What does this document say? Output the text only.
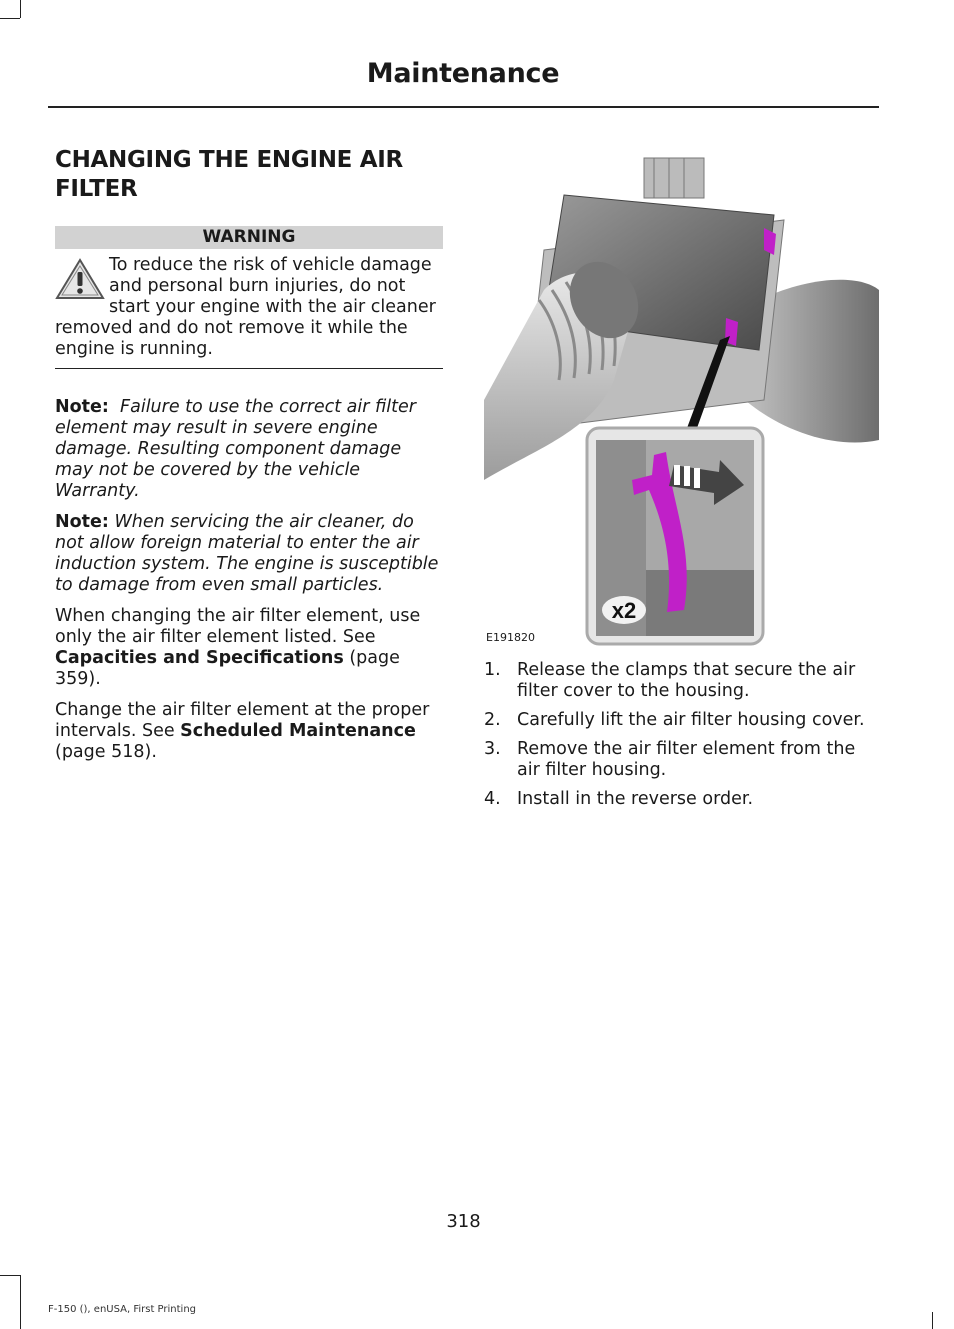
Maintenance
CHANGING THE ENGINE AIR FILTER
WARNING
To reduce the risk of vehicle damage and personal burn injuries, do not start your engine with the air cleaner removed and do not remove it while the engine is running.

Note: Failure to use the correct air filter element may result in severe engine damage. Resulting component damage may not be covered by the vehicle Warranty.

Note: When servicing the air cleaner, do not allow foreign material to enter the air induction system. The engine is susceptible to damage from even small particles.

When changing the air filter element, use only the air filter element listed. See Capacities and Specifications (page 359).

Change the air filter element at the proper intervals. See Scheduled Maintenance (page 518).

x2
E191820
1. Release the clamps that secure the air filter cover to the housing.
2. Carefully lift the air filter housing cover.
3. Remove the air filter element from the air filter housing.
4. Install in the reverse order.
318
F-150 (), enUSA, First Printing
